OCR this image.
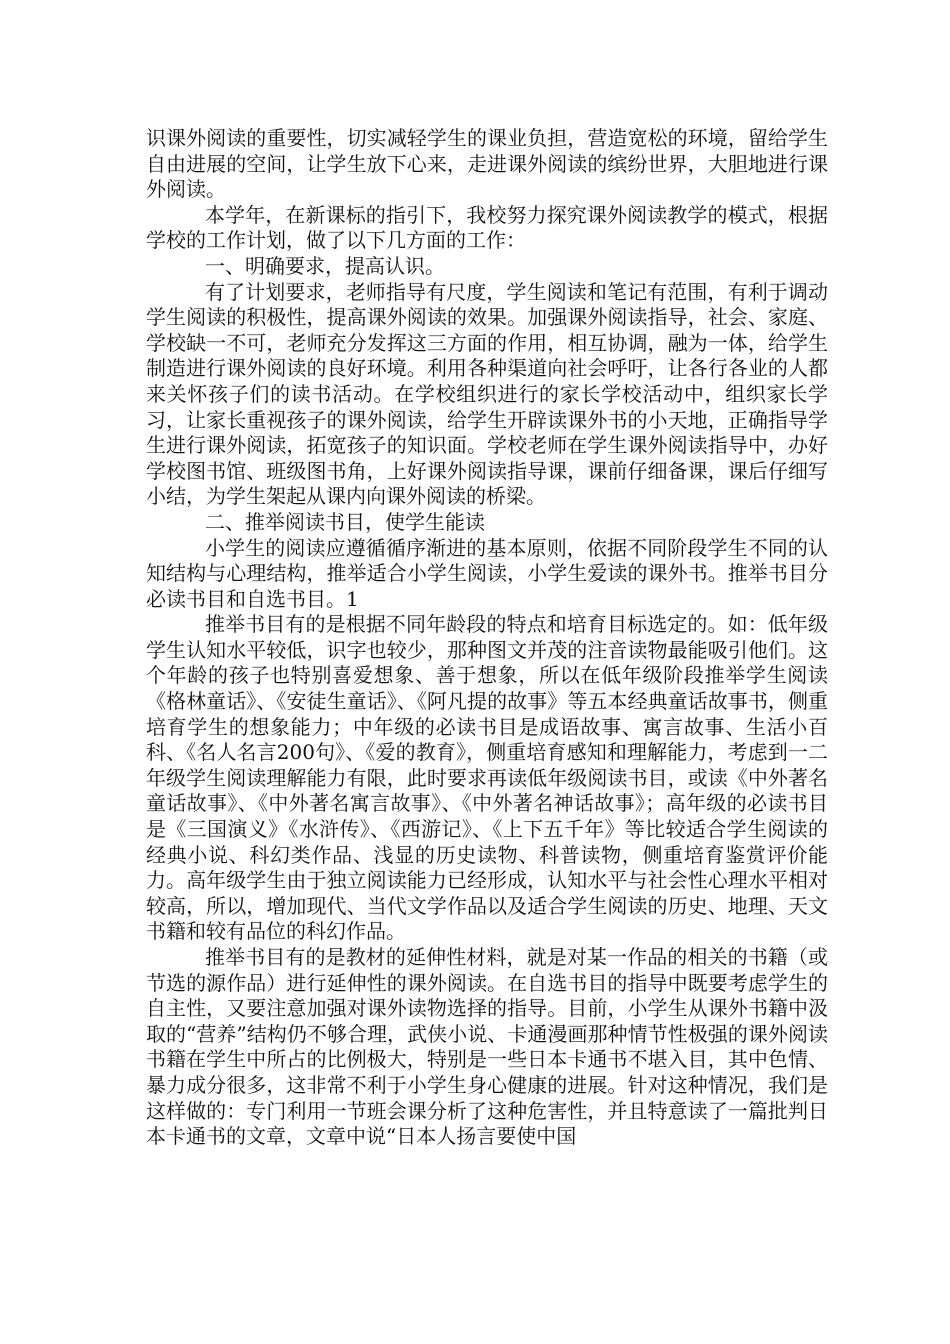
识课外阅读的重要性，切实减轻学生的课业负担，营造宽松的环境，留给学生自由进展的空间，让学生放下心来，走进课外阅读的缤纷世界，大胆地进行课外阅读。

本学年，在新课标的指引下，我校努力探究课外阅读教学的模式，根据学校的工作计划，做了以下几方面的工作：

一、明确要求，提高认识。

有了计划要求，老师指导有尺度，学生阅读和笔记有范围，有利于调动学生阅读的积极性，提高课外阅读的效果。加强课外阅读指导，社会、家庭、学校缺一不可，老师充分发挥这三方面的作用，相互协调，融为一体，给学生制造进行课外阅读的良好环境。利用各种渠道向社会呼吁，让各行各业的人都来关怀孩子们的读书活动。在学校组织进行的家长学校活动中，组织家长学习，让家长重视孩子的课外阅读，给学生开辟读课外书的小天地，正确指导学生进行课外阅读，拓宽孩子的知识面。学校老师在学生课外阅读指导中，办好学校图书馆、班级图书角，上好课外阅读指导课，课前仔细备课，课后仔细写小结，为学生架起从课内向课外阅读的桥梁。

二、推举阅读书目，使学生能读

小学生的阅读应遵循循序渐进的基本原则，依据不同阶段学生不同的认知结构与心理结构，推举适合小学生阅读，小学生爱读的课外书。推举书目分必读书目和自选书目。1

推举书目有的是根据不同年龄段的特点和培育目标选定的。如：低年级学生认知水平较低，识字也较少，那种图文并茂的注音读物最能吸引他们。这个年龄的孩子也特别喜爱想象、善于想象，所以在低年级阶段推举学生阅读《格林童话》、《安徒生童话》、《阿凡提的故事》等五本经典童话故事书，侧重培育学生的想象能力；中年级的必读书目是成语故事、寓言故事、生活小百科、《名人名言200句》、《爱的教育》，侧重培育感知和理解能力，考虑到一二年级学生阅读理解能力有限，此时要求再读低年级阅读书目，或读《中外著名童话故事》、《中外著名寓言故事》、《中外著名神话故事》；高年级的必读书目是《三国演义》《水浒传》、《西游记》、《上下五千年》等比较适合学生阅读的经典小说、科幻类作品、浅显的历史读物、科普读物，侧重培育鉴赏评价能力。高年级学生由于独立阅读能力已经形成，认知水平与社会性心理水平相对较高，所以，增加现代、当代文学作品以及适合学生阅读的历史、地理、天文书籍和较有品位的科幻作品。

推举书目有的是教材的延伸性材料，就是对某一作品的相关的书籍（或节选的源作品）进行延伸性的课外阅读。在自选书目的指导中既要考虑学生的自主性，又要注意加强对课外读物选择的指导。目前，小学生从课外书籍中汲取的“营养”结构仍不够合理，武侠小说、卡通漫画那种情节性极强的课外阅读书籍在学生中所占的比例极大，特别是一些日本卡通书不堪入目，其中色情、暴力成分很多，这非常不利于小学生身心健康的进展。针对这种情况，我们是这样做的：专门利用一节班会课分析了这种危害性，并且特意读了一篇批判日本卡通书的文章，文章中说“日本人扬言要使中国
